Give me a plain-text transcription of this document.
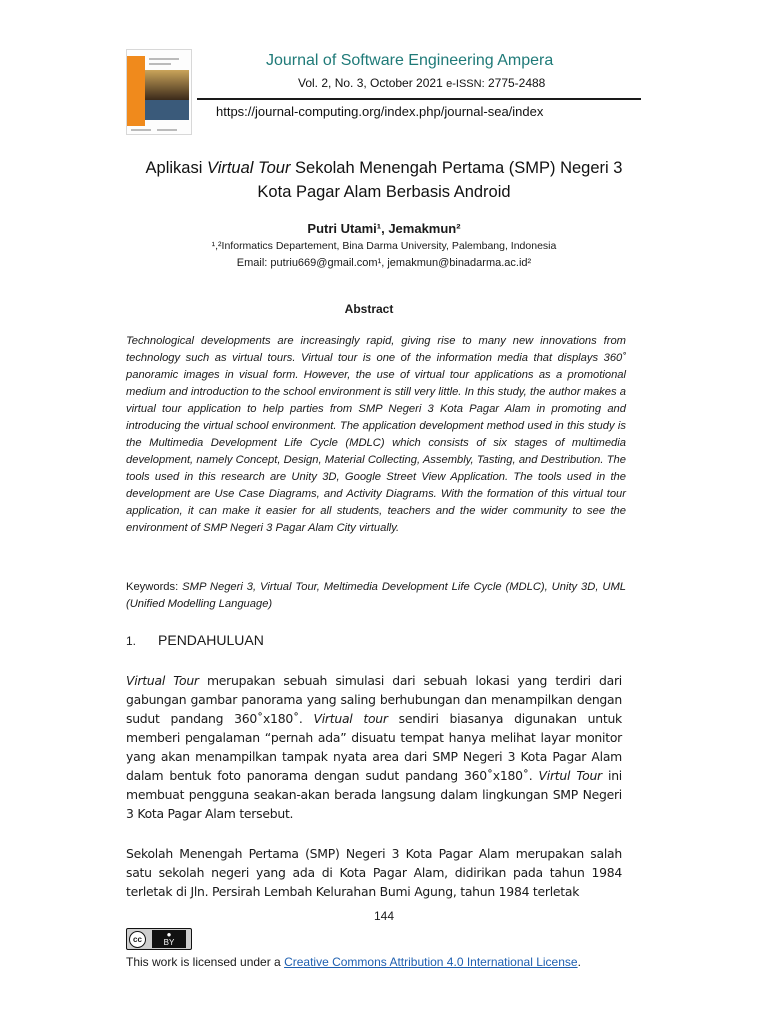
Journal of Software Engineering Ampera
Vol. 2, No. 3, October 2021 e-ISSN: 2775-2488
https://journal-computing.org/index.php/journal-sea/index
Aplikasi Virtual Tour Sekolah Menengah Pertama (SMP) Negeri 3 Kota Pagar Alam Berbasis Android
Putri Utami¹, Jemakmun²
¹,²Informatics Departement, Bina Darma University, Palembang, Indonesia
Email: putriu669@gmail.com¹, jemakmun@binadarma.ac.id²
Abstract
Technological developments are increasingly rapid, giving rise to many new innovations from technology such as virtual tours. Virtual tour is one of the information media that displays 360˚ panoramic images in visual form. However, the use of virtual tour applications as a promotional medium and introduction to the school environment is still very little. In this study, the author makes a virtual tour application to help parties from SMP Negeri 3 Kota Pagar Alam in promoting and introducing the virtual school environment. The application development method used in this study is the Multimedia Development Life Cycle (MDLC) which consists of six stages of multimedia development, namely Concept, Design, Material Collecting, Assembly, Tasting, and Destribution. The tools used in this research are Unity 3D, Google Street View Application. The tools used in the development are Use Case Diagrams, and Activity Diagrams. With the formation of this virtual tour application, it can make it easier for all students, teachers and the wider community to see the environment of SMP Negeri 3 Pagar Alam City virtually.
Keywords: SMP Negeri 3, Virtual Tour, Meltimedia Development Life Cycle (MDLC), Unity 3D, UML (Unified Modelling Language)
1. PENDAHULUAN
Virtual Tour merupakan sebuah simulasi dari sebuah lokasi yang terdiri dari gabungan gambar panorama yang saling berhubungan dan menampilkan dengan sudut pandang 360˚x180˚. Virtual tour sendiri biasanya digunakan untuk memberi pengalaman “pernah ada” disuatu tempat hanya melihat layar monitor yang akan menampilkan tampak nyata area dari SMP Negeri 3 Kota Pagar Alam dalam bentuk foto panorama dengan sudut pandang 360˚x180˚. Virtul Tour ini membuat pengguna seakan-akan berada langsung dalam lingkungan SMP Negeri 3 Kota Pagar Alam tersebut.
Sekolah Menengah Pertama (SMP) Negeri 3 Kota Pagar Alam merupakan salah satu sekolah negeri yang ada di Kota Pagar Alam, didirikan pada tahun 1984 terletak di Jln. Persirah Lembah Kelurahan Bumi Agung, tahun 1984 terletak
144
cc	●
BY
This work is licensed under a Creative Commons Attribution 4.0 International License.
